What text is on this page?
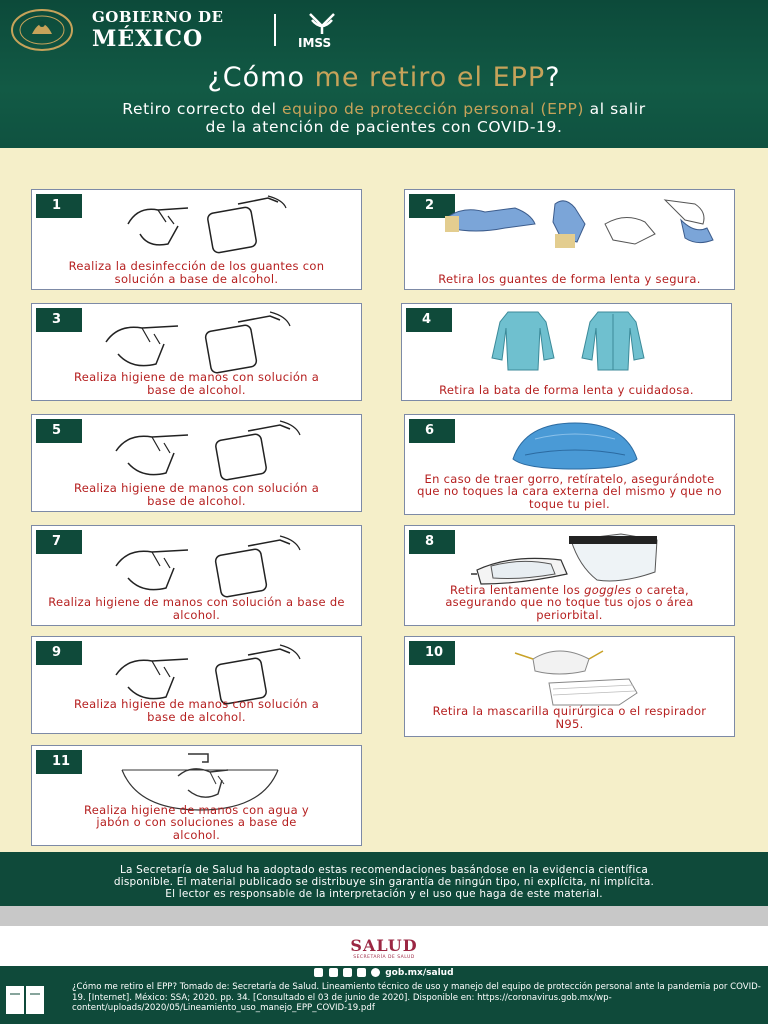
GOBIERNO DE
MÉXICO	IMSS
¿Cómo me retiro el EPP?
Retiro correcto del equipo de protección personal (EPP) al salir
de la atención de pacientes con COVID-19.
1
Realiza la desinfección de los guantes con solución a base de alcohol.
2
Retira los guantes de forma lenta y segura.
3
Realiza higiene de manos con solución a base de alcohol.
4
Retira la bata de forma lenta y cuidadosa.
5
Realiza higiene de manos con solución a base de alcohol.
6
En caso de traer gorro, retíratelo, asegurándote que no toques la cara externa del mismo y que no toque tu piel.
7
Realiza higiene de manos con solución a base de alcohol.
8
Retira lentamente los goggles o careta, asegurando que no toque tus ojos o área periorbital.
9
Realiza higiene de manos con solución a base de alcohol.
10
Retira la mascarilla quirúrgica o el respirador N95.
11
Realiza higiene de manos con agua y jabón o con soluciones a base de alcohol.
La Secretaría de Salud ha adoptado estas recomendaciones basándose en la evidencia científica
disponible. El material publicado se distribuye sin garantía de ningún tipo, ni explícita, ni implícita.
El lector es responsable de la interpretación y el uso que haga de este material.
SALUD
SECRETARÍA DE SALUD
gob.mx/salud
¿Cómo me retiro el EPP? Tomado de: Secretaría de Salud. Lineamiento técnico de uso y manejo del equipo de protección personal ante la pandemia por COVID-19. [Internet]. México: SSA; 2020. pp. 34. [Consultado el 03 de junio de 2020]. Disponible en: https://coronavirus.gob.mx/wp-content/uploads/2020/05/Lineamiento_uso_manejo_EPP_COVID-19.pdf
